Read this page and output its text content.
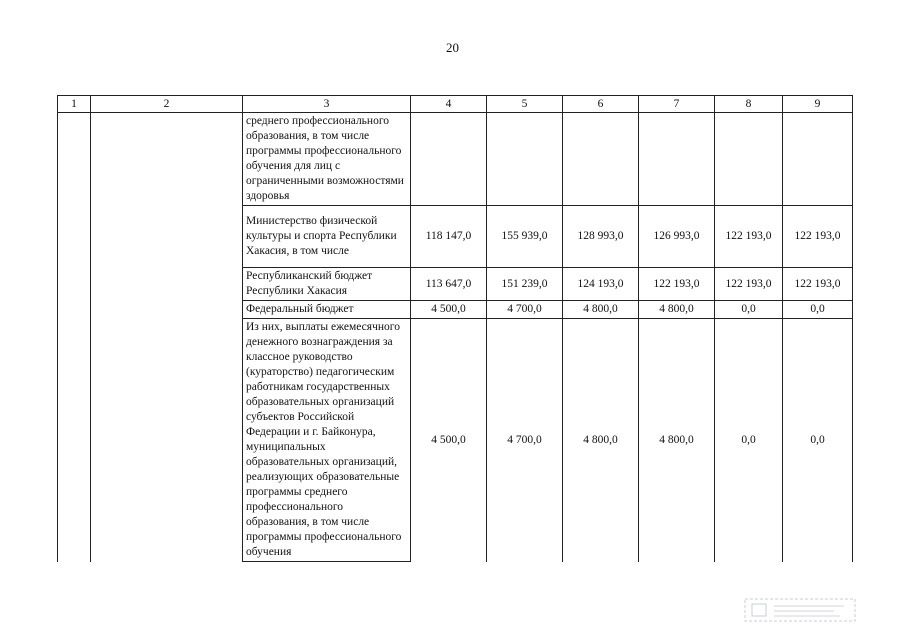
20
1	2	3	4	5	6	7	8	9
		среднего профессионального образования, в том числе программы профессионального обучения для лиц с ограниченными возможностями здоровья						
		Министерство физической культуры и спорта Республики Хакасия, в том числе	118 147,0	155 939,0	128 993,0	126 993,0	122 193,0	122 193,0
		Республиканский бюджет Республики Хакасия	113 647,0	151 239,0	124 193,0	122 193,0	122 193,0	122 193,0
		Федеральный бюджет	4 500,0	4 700,0	4 800,0	4 800,0	0,0	0,0
		Из них, выплаты ежемесячного денежного вознаграждения за классное руководство (кураторство) педагогическим работникам государственных образовательных организаций субъектов Российской Федерации и г. Байконура, муниципальных образовательных организаций, реализующих образовательные программы среднего профессионального образования, в том числе программы профессионального обучения	4 500,0	4 700,0	4 800,0	4 800,0	0,0	0,0
